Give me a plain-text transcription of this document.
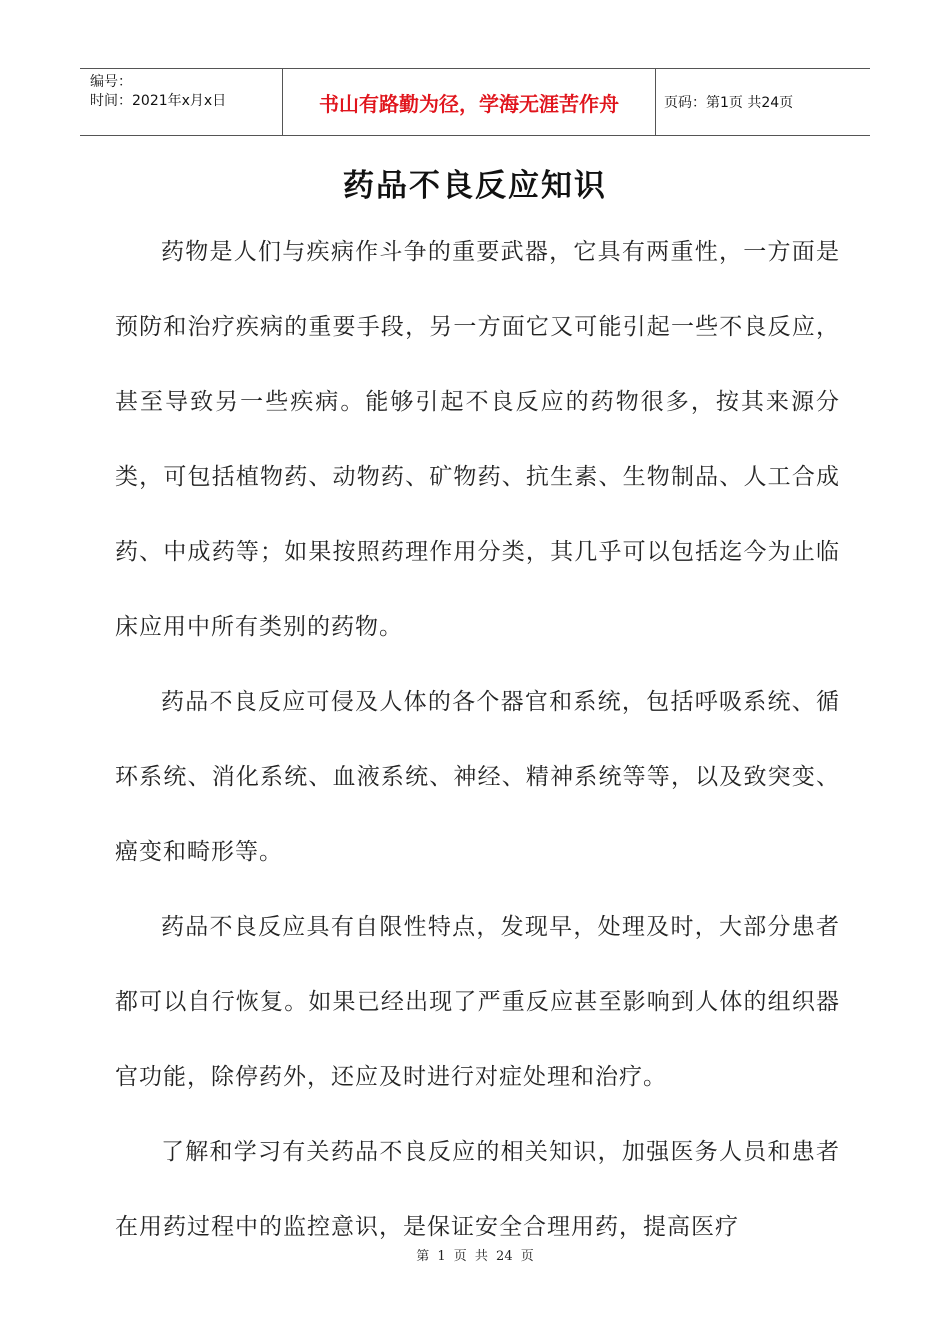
编号：
时间：2021年x月x日	书山有路勤为径，学海无涯苦作舟	页码：第1页 共24页
药品不良反应知识

药物是人们与疾病作斗争的重要武器，它具有两重性，一方面是预防和治疗疾病的重要手段，另一方面它又可能引起一些不良反应，甚至导致另一些疾病。能够引起不良反应的药物很多，按其来源分类，可包括植物药、动物药、矿物药、抗生素、生物制品、人工合成药、中成药等；如果按照药理作用分类，其几乎可以包括迄今为止临床应用中所有类别的药物。

药品不良反应可侵及人体的各个器官和系统，包括呼吸系统、循环系统、消化系统、血液系统、神经、精神系统等等，以及致突变、癌变和畸形等。

药品不良反应具有自限性特点，发现早，处理及时，大部分患者都可以自行恢复。如果已经出现了严重反应甚至影响到人体的组织器官功能，除停药外，还应及时进行对症处理和治疗。

了解和学习有关药品不良反应的相关知识，加强医务人员和患者在用药过程中的监控意识，是保证安全合理用药，提高医疗

第 1 页 共 24 页
